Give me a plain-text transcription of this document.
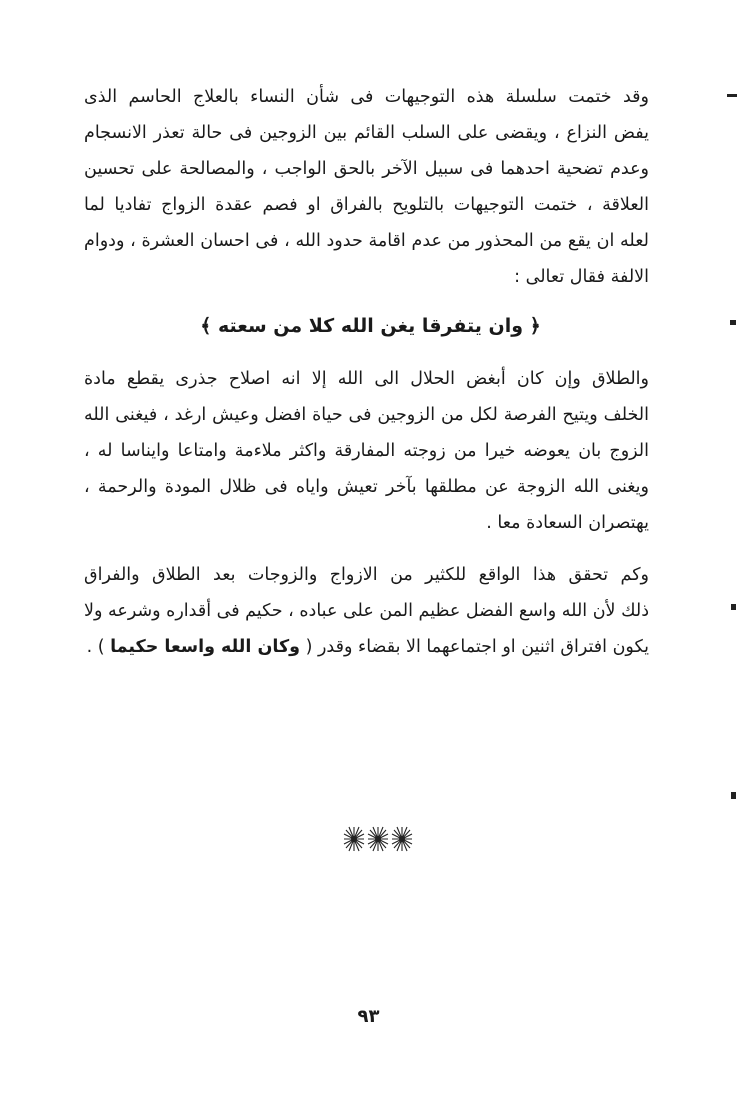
وقد ختمت سلسلة هذه التوجيهات فى شأن النساء بالعلاج الحاسم الذى
يفض النزاع ، ويقضى على السلب القائم بين الزوجين فى حالة تعذر الانسجام
وعدم تضحية احدهما فى سبيل الآخر بالحق الواجب ، والمصالحة على تحسين
العلاقة ، ختمت التوجيهات بالتلويح بالفراق او فصم عقدة الزواج تفاديا لما
لعله ان يقع من المحذور من عدم اقامة حدود الله ، فى احسان العشرة ، ودوام
الالفة فقال تعالى :
﴿ وان يتفرقا يغن الله كلا من سعته ﴾
والطلاق وإن كان أبغض الحلال الى الله إلا انه اصلاح جذرى يقطع مادة
الخلف ويتيح الفرصة لكل من الزوجين فى حياة افضل وعيش ارغد ، فيغنى الله
الزوج بان يعوضه خيرا من زوجته المفارقة واكثر ملاءمة وامتاعا وايناسا له ،
ويغنى الله الزوجة عن مطلقها بآخر تعيش واياه فى ظلال المودة والرحمة ،
يهتصران السعادة معا .
وكم تحقق هذا الواقع للكثير من الازواج والزوجات بعد الطلاق والفراق
ذلك لأن الله واسع الفضل عظيم المن على عباده ، حكيم فى أقداره وشرعه ولا
يكون افتراق اثنين او اجتماعهما الا بقضاء وقدر ( وكان الله واسعا حكيما ) .
٩٣
